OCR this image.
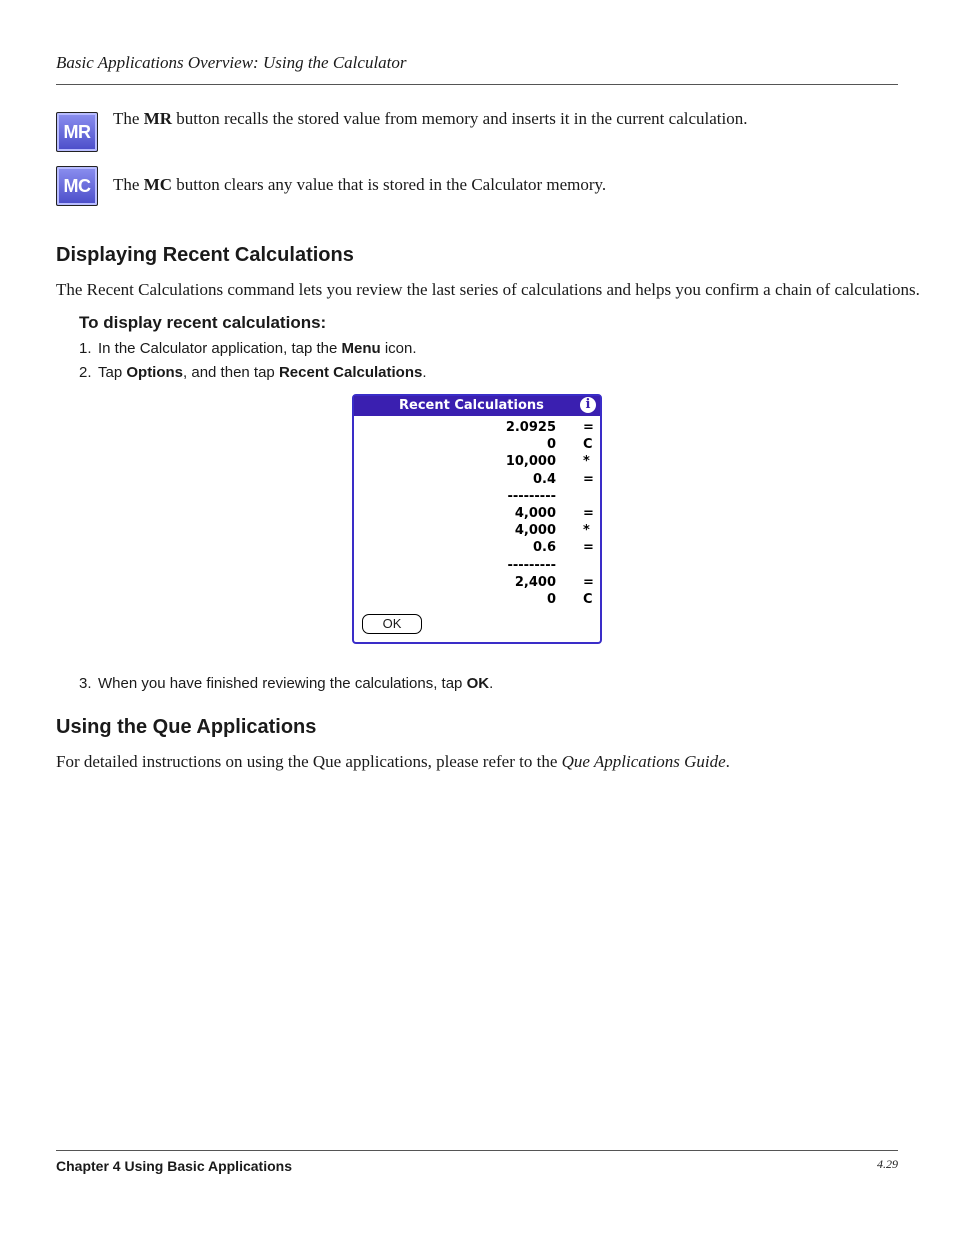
Basic Applications Overview: Using the Calculator
MR
The MR button recalls the stored value from memory and inserts it in the current calculation.
MC	The MC button clears any value that is stored in the Calculator memory.
Displaying Recent Calculations
The Recent Calculations command lets you review the last series of calculations and helps you confirm a chain of calculations.
To display recent calculations:
1. In the Calculator application, tap the Menu icon.
2. Tap Options, and then tap Recent Calculations.
Recent Calculations	i
2.0925 =
0 C
10,000 *
0.4 =
---------
4,000 =
4,000 *
0.6 =
---------
2,400 =
0 C
OK
3. When you have finished reviewing the calculations, tap OK.
Using the Que Applications
For detailed instructions on using the Que applications, please refer to the Que Applications Guide.
Chapter 4 Using Basic Applications	4.29
